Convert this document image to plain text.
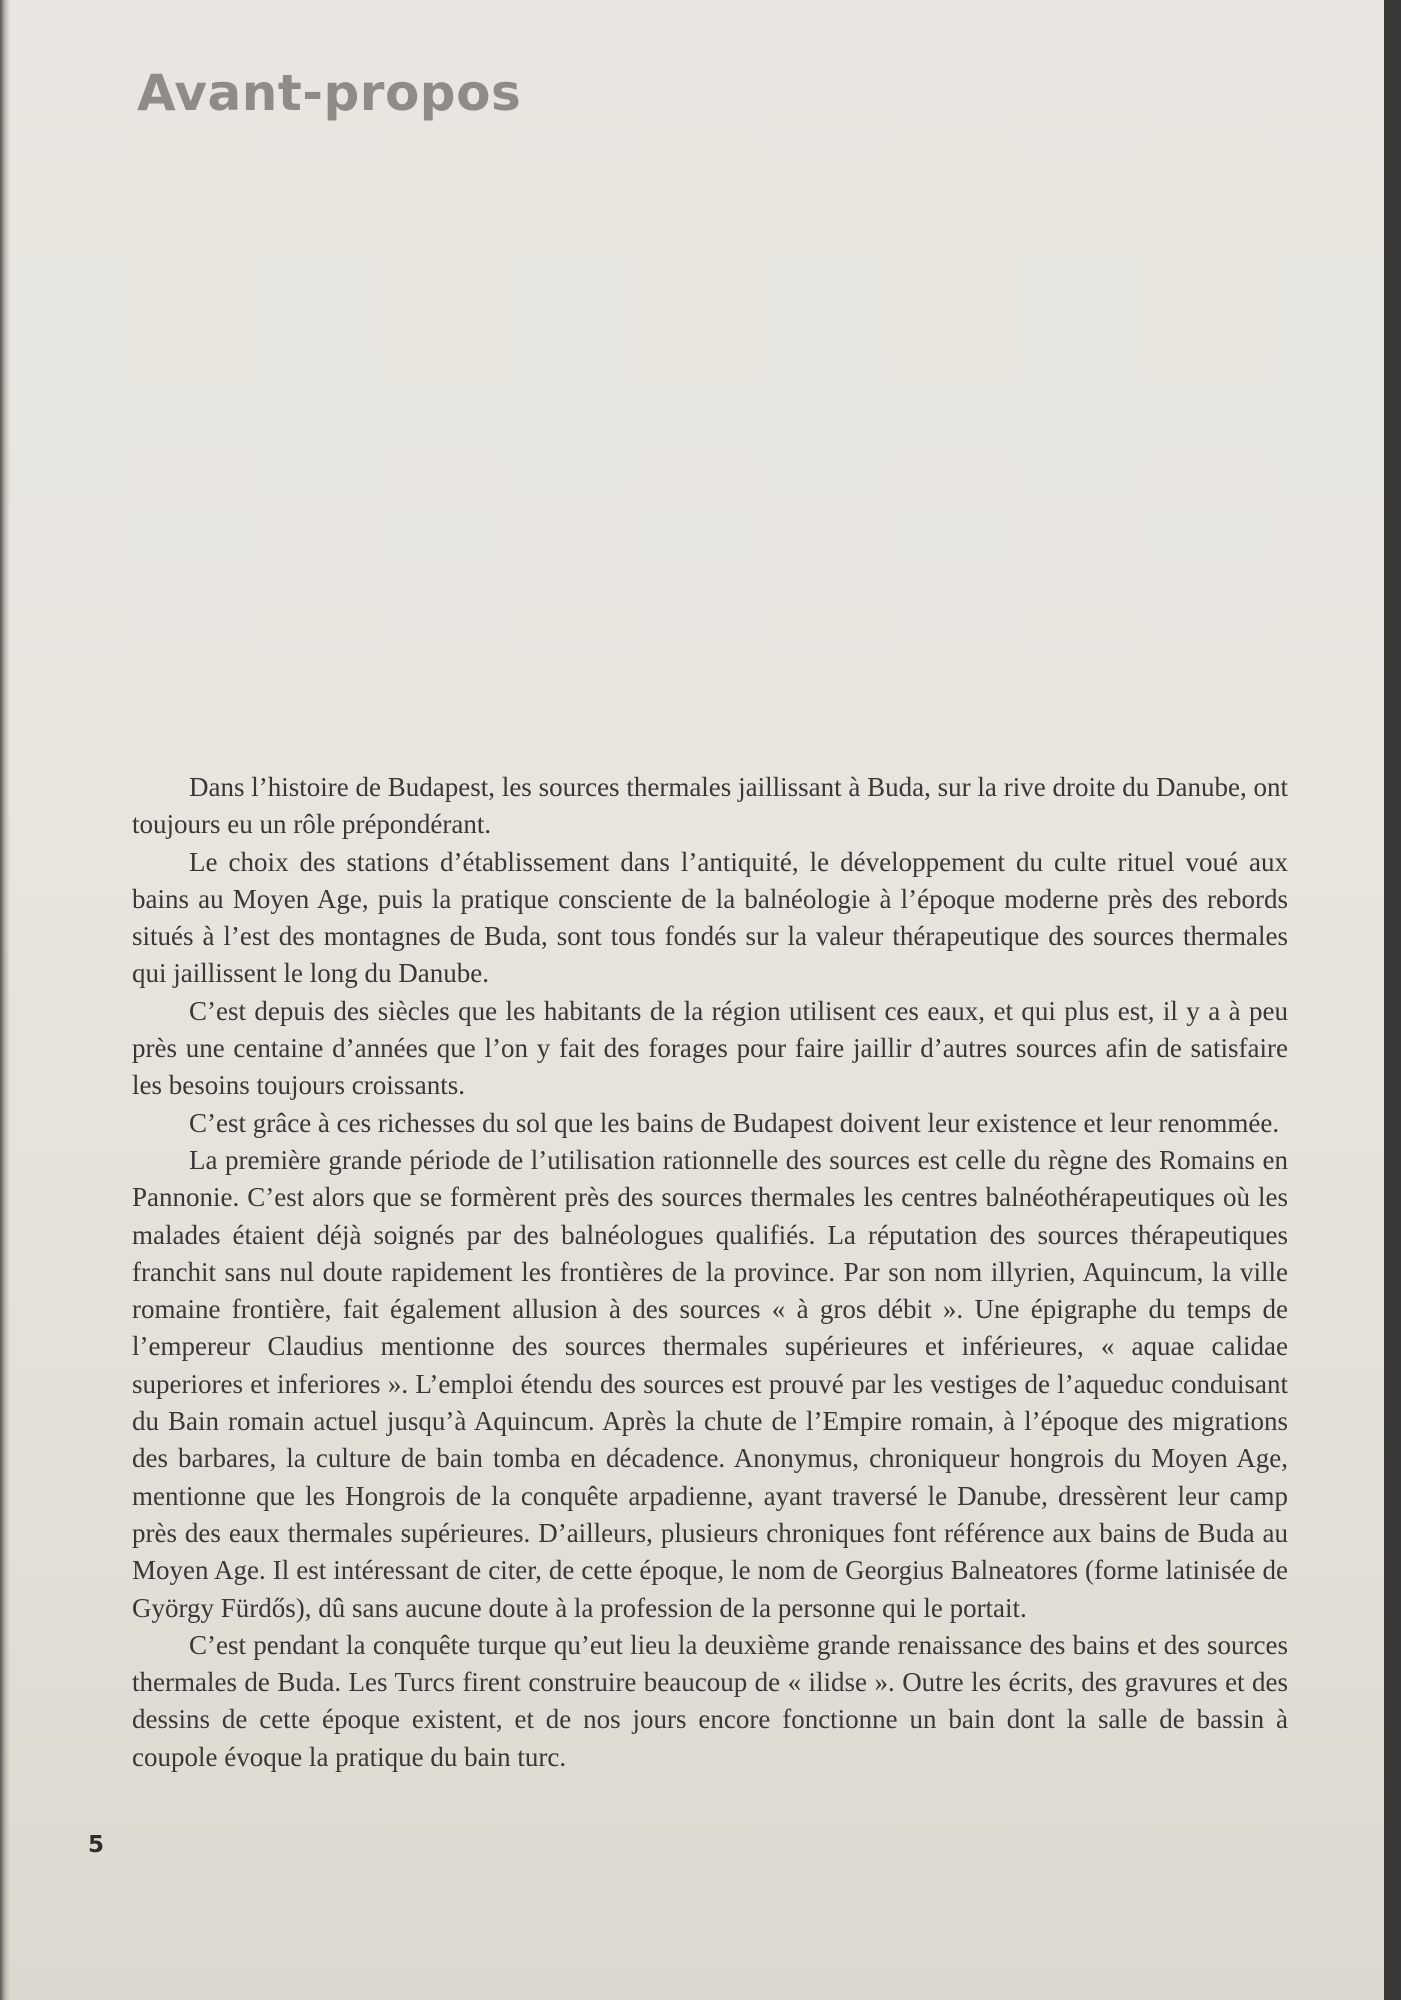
Avant-propos

Dans l’histoire de Budapest, les sources thermales jaillissant à Buda, sur la rive droite du Danube, ont toujours eu un rôle prépondérant.

Le choix des stations d’établissement dans l’antiquité, le développement du culte rituel voué aux bains au Moyen Age, puis la pratique consciente de la balnéologie à l’époque moderne près des rebords situés à l’est des montagnes de Buda, sont tous fondés sur la valeur thérapeutique des sources thermales qui jaillissent le long du Danube.

C’est depuis des siècles que les habitants de la région utilisent ces eaux, et qui plus est, il y a à peu près une centaine d’années que l’on y fait des forages pour faire jaillir d’autres sources afin de satisfaire les besoins toujours croissants.

C’est grâce à ces richesses du sol que les bains de Budapest doivent leur existence et leur renommée.

La première grande période de l’utilisation rationnelle des sources est celle du règne des Romains en Pannonie. C’est alors que se formèrent près des sources thermales les centres balnéothérapeutiques où les malades étaient déjà soignés par des balnéologues qualifiés. La réputation des sources thérapeutiques franchit sans nul doute rapidement les frontières de la province. Par son nom illyrien, Aquincum, la ville romaine frontière, fait également allusion à des sources « à gros débit ». Une épigraphe du temps de l’empereur Claudius mentionne des sources thermales supérieures et inférieures, « aquae calidae superiores et inferiores ». L’emploi étendu des sources est prouvé par les vestiges de l’aqueduc conduisant du Bain romain actuel jusqu’à Aquincum. Après la chute de l’Empire romain, à l’époque des migrations des barbares, la culture de bain tomba en décadence. Anonymus, chroniqueur hongrois du Moyen Age, mentionne que les Hongrois de la conquête arpadienne, ayant traversé le Danube, dressèrent leur camp près des eaux thermales supérieures. D’ailleurs, plusieurs chroniques font référence aux bains de Buda au Moyen Age. Il est intéressant de citer, de cette époque, le nom de Georgius Balneatores (forme latinisée de György Fürdős), dû sans aucune doute à la profession de la personne qui le portait.

C’est pendant la conquête turque qu’eut lieu la deuxième grande renaissance des bains et des sources thermales de Buda. Les Turcs firent construire beaucoup de « ilidse ». Outre les écrits, des gravures et des dessins de cette époque existent, et de nos jours encore fonctionne un bain dont la salle de bassin à coupole évoque la pratique du bain turc.

5
